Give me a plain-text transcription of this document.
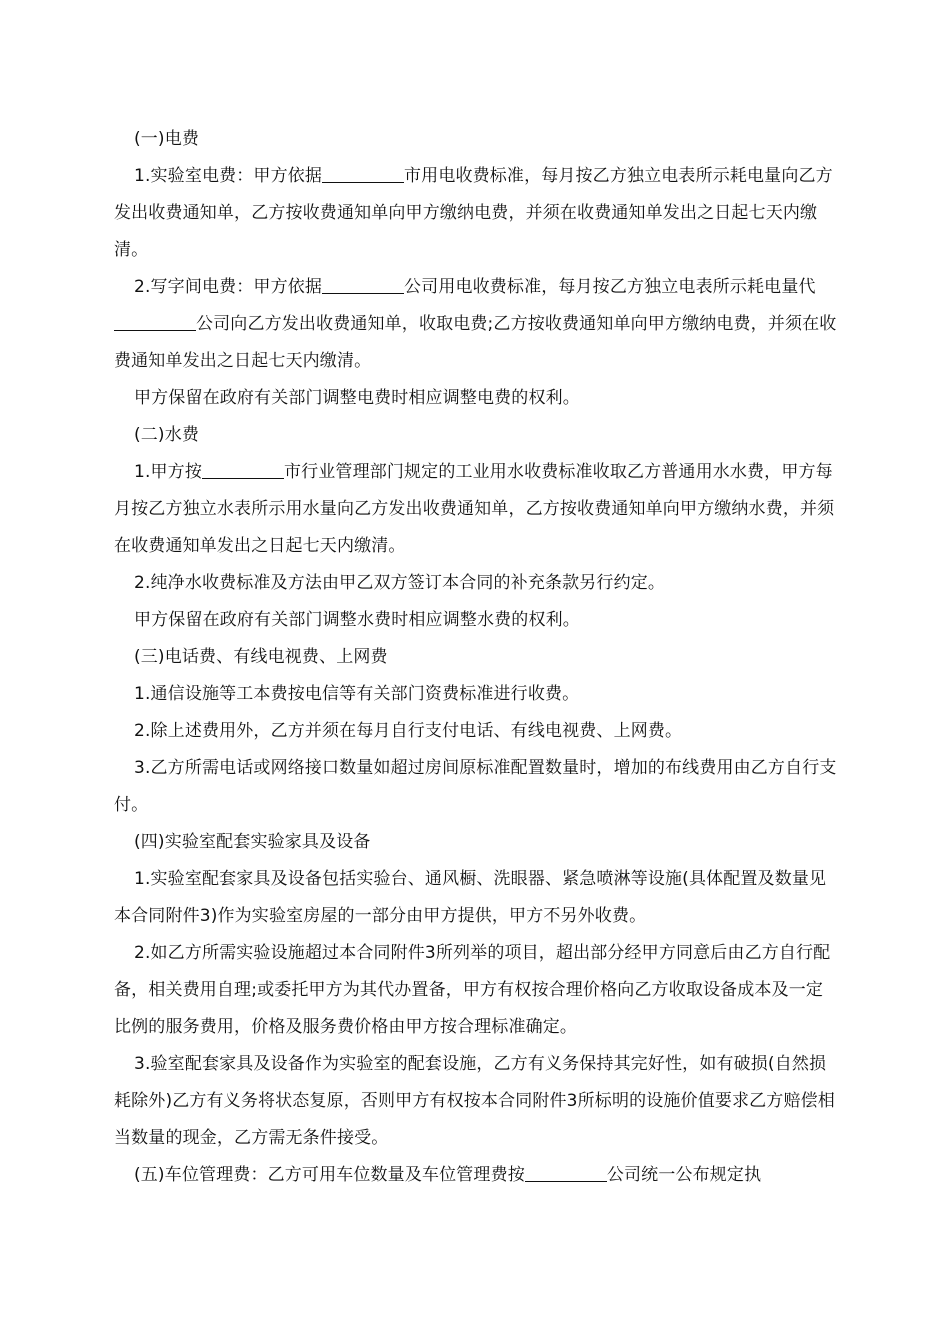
(一)电费

1.实验室电费：甲方依据	市用电收费标准，每月按乙方独立电表所示耗电量向乙方发出收费通知单，乙方按收费通知单向甲方缴纳电费，并须在收费通知单发出之日起七天内缴清。

2.写字间电费：甲方依据	公司用电收费标准，每月按乙方独立电表所示耗电量代公司向乙方发出收费通知单，收取电费;乙方按收费通知单向甲方缴纳电费，并须在收费通知单发出之日起七天内缴清。

甲方保留在政府有关部门调整电费时相应调整电费的权利。

(二)水费

1.甲方按	市行业管理部门规定的工业用水收费标准收取乙方普通用水水费，甲方每月按乙方独立水表所示用水量向乙方发出收费通知单，乙方按收费通知单向甲方缴纳水费，并须在收费通知单发出之日起七天内缴清。

2.纯净水收费标准及方法由甲乙双方签订本合同的补充条款另行约定。

甲方保留在政府有关部门调整水费时相应调整水费的权利。

(三)电话费、有线电视费、上网费

1.通信设施等工本费按电信等有关部门资费标准进行收费。

2.除上述费用外，乙方并须在每月自行支付电话、有线电视费、上网费。

3.乙方所需电话或网络接口数量如超过房间原标准配置数量时，增加的布线费用由乙方自行支付。

(四)实验室配套实验家具及设备

1.实验室配套家具及设备包括实验台、通风橱、洗眼器、紧急喷淋等设施(具体配置及数量见本合同附件3)作为实验室房屋的一部分由甲方提供，甲方不另外收费。

2.如乙方所需实验设施超过本合同附件3所列举的项目，超出部分经甲方同意后由乙方自行配备，相关费用自理;或委托甲方为其代办置备，甲方有权按合理价格向乙方收取设备成本及一定比例的服务费用，价格及服务费价格由甲方按合理标准确定。

3.验室配套家具及设备作为实验室的配套设施，乙方有义务保持其完好性，如有破损(自然损耗除外)乙方有义务将状态复原，否则甲方有权按本合同附件3所标明的设施价值要求乙方赔偿相当数量的现金，乙方需无条件接受。

(五)车位管理费：乙方可用车位数量及车位管理费按	公司统一公布规定执
